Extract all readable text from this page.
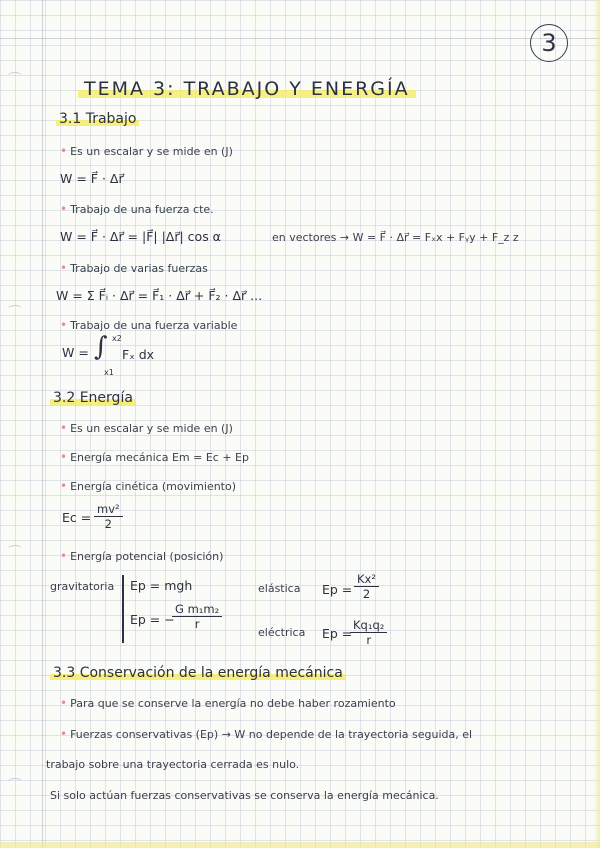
3
TEMA 3: TRABAJO Y ENERGÍA
3.1 Trabajo
• Es un escalar y se mide en (J)
W = F⃗ · Δr⃗
• Trabajo de una fuerza cte.
W = F⃗ · Δr⃗ = |F⃗| |Δr⃗| cos α	en vectores → W = F⃗ · Δr⃗ = Fₓx + Fᵧy + F_z z
• Trabajo de varias fuerzas
W = Σ F⃗ᵢ · Δr⃗ = F⃗₁ · Δr⃗ + F⃗₂ · Δr⃗ ...
• Trabajo de una fuerza variable
W = ∫ x2
x1
Fₓ dx
3.2 Energía
• Es un escalar y se mide en (J)
• Energía mecánica Em = Ec + Ep
• Energía cinética (movimiento)
$Ec = \frac{\text{mv²}}{2}$
• Energía potencial (posición)
gravitatoria Ep = mgh
Ep = −
$\frac{\text{G m₁m₂}}{r}$
elástica $Ep = \frac{\text{Kx²}}{2}$
eléctrica Ep =
$\frac{\text{Kq₁q₂}}{r}$
3.3 Conservación de la energía mecánica
• Para que se conserve la energía no debe haber rozamiento
• Fuerzas conservativas (Ep) → W no depende de la trayectoria seguida, el
trabajo sobre una trayectoria cerrada es nulo.
Si solo actúan fuerzas conservativas se conserva la energía mecánica.
